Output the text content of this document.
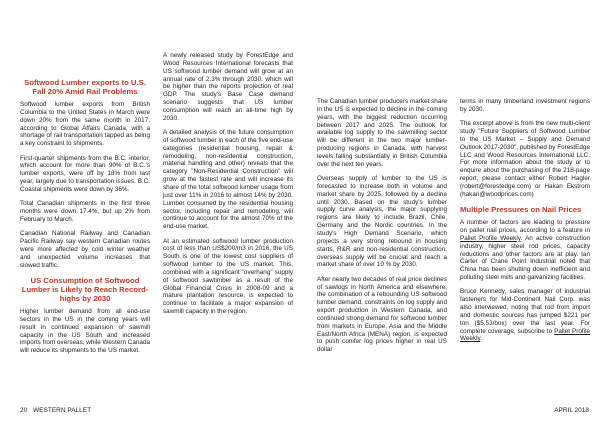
Softwood Lumber exports to U.S. Fall 20% Amid Rail Problems

Softwood lumber exports from British Columbia to the United States in March were down 20% from the same month in 2017, according to Global Affairs Canada, with a shortage of rail transportation tapped as being a key constraint to shipments.

First-quarter shipments from the B.C. interior, which account for more than 90% of B.C.'s lumber exports, were off by 18% from last year, largely due to transportation issues. B.C. Coastal shipments were down by 36%.

Total Canadian shipments in the first three months were down 17.4%, but up 2% from February to March.

Canadian National Railway and Canadian Pacific Railway say western Canadian routes were more affected by cold winter weather and unexpected volume increases that slowed traffic.

US Consumption of Softwood Lumber is Likely to Reach Record-highs by 2030

Higher lumber demand from all end-use sectors in the US in the coming years will result in continued expansion of sawmill capacity in the US South and increased imports from overseas, while Western Canada will reduce its shipments to the US market.

A newly released study by ForestEdge and Wood Resources International forecasts that US softwood lumber demand will grow at an annual rate of 2.3% through 2030, which will be higher than the reports projection of real GDP. The study's Base Case demand scenario suggests that US lumber consumption will reach an all-time high by 2030.

A detailed analysis of the future consumption of softwood lumber in each of the five end-use categories (residential housing, repair & remodeling, non-residential construction, material handling and other) reveals that the category "Non-Residential Construction" will grow at the fastest rate and will increase its share of the total softwood lumber usage from just over 11% in 2016 to almost 14% by 2030. Lumber consumed by the residential housing sector, including repair and remodeling, will continue to account for the almost 70% of the end-use market.

At an estimated softwood lumber production cost of less than US$200/m3 in 2016, the US South is one of the lowest cost suppliers of softwood lumber to the US market. This, combined with a significant "overhang" supply of softwood sawtimber as a result of the Global Financial Crisis in 2008-09 and a mature plantation resource, is expected to continue to facilitate a major expansion of sawmill capacity in the region.

The Canadian lumber producers market share in the US is expected to decline in the coming years, with the biggest reduction occurring between 2017 and 2025. The outlook for available log supply to the sawmilling sector will be different in the two major lumber-producing regions in Canada, with harvest levels falling substantially in British Columbia over the next ten years.

Overseas supply of lumber to the US is forecasted to increase both in volume and market share by 2025, followed by a decline until 2030. Based on the study's lumber supply curve analysis, the major supplying regions are likely to include Brazil, Chile, Germany and the Nordic countries. In the study's High Demand Scenario, which projects a very strong rebound in housing starts, R&R and non-residential construction, overseas supply will be crucial and reach a market share of over 10 % by 2030.

After nearly two decades of real price declines of sawlogs in North America and elsewhere, the combination of a rebounding US softwood lumber demand, constraints on log supply and export production in Western Canada, and continued strong demand for softwood lumber from markets in Europe, Asia and the Middle East/North Africa (MENA) region, is expected to push conifer log prices higher in real US dollar

terms in many timberland investment regions by 2030.

The excerpt above is from the new multi-client study "Future Suppliers of Softwood Lumber to the US Market – Supply and Demand Outlook 2017-2030", published by ForestEdge LLC and Wood Resources International LLC. For more information about the study or to enquire about the purchasing of the 218-page report, please contact either Robert Hagler (robert@forestedge.com) or Hakan Ekstrom (hakan@woodprices.com)

Multiple Pressures on Nail Prices

A number of factors are leading to pressure on pallet nail prices, according to a feature in Pallet Profile Weekly. An active construction industry, higher steel rod prices, capacity reductions and other factors are at play. Ian Carter of Crane Point Industrial noted that China has been shutting down inefficient and polluting steel mills and galvanizing facilities.

Bruce Kennedy, sales manager of industrial fasteners for Mid-Continent Nail Corp. was also interviewed, noting that rod from import and domestic sources has jumped $221 per ton ($5.53/box) over the last year. For complete coverage, subscribe to Pallet Profile Weekly.

20 WESTERN PALLET	APRIL 2018
